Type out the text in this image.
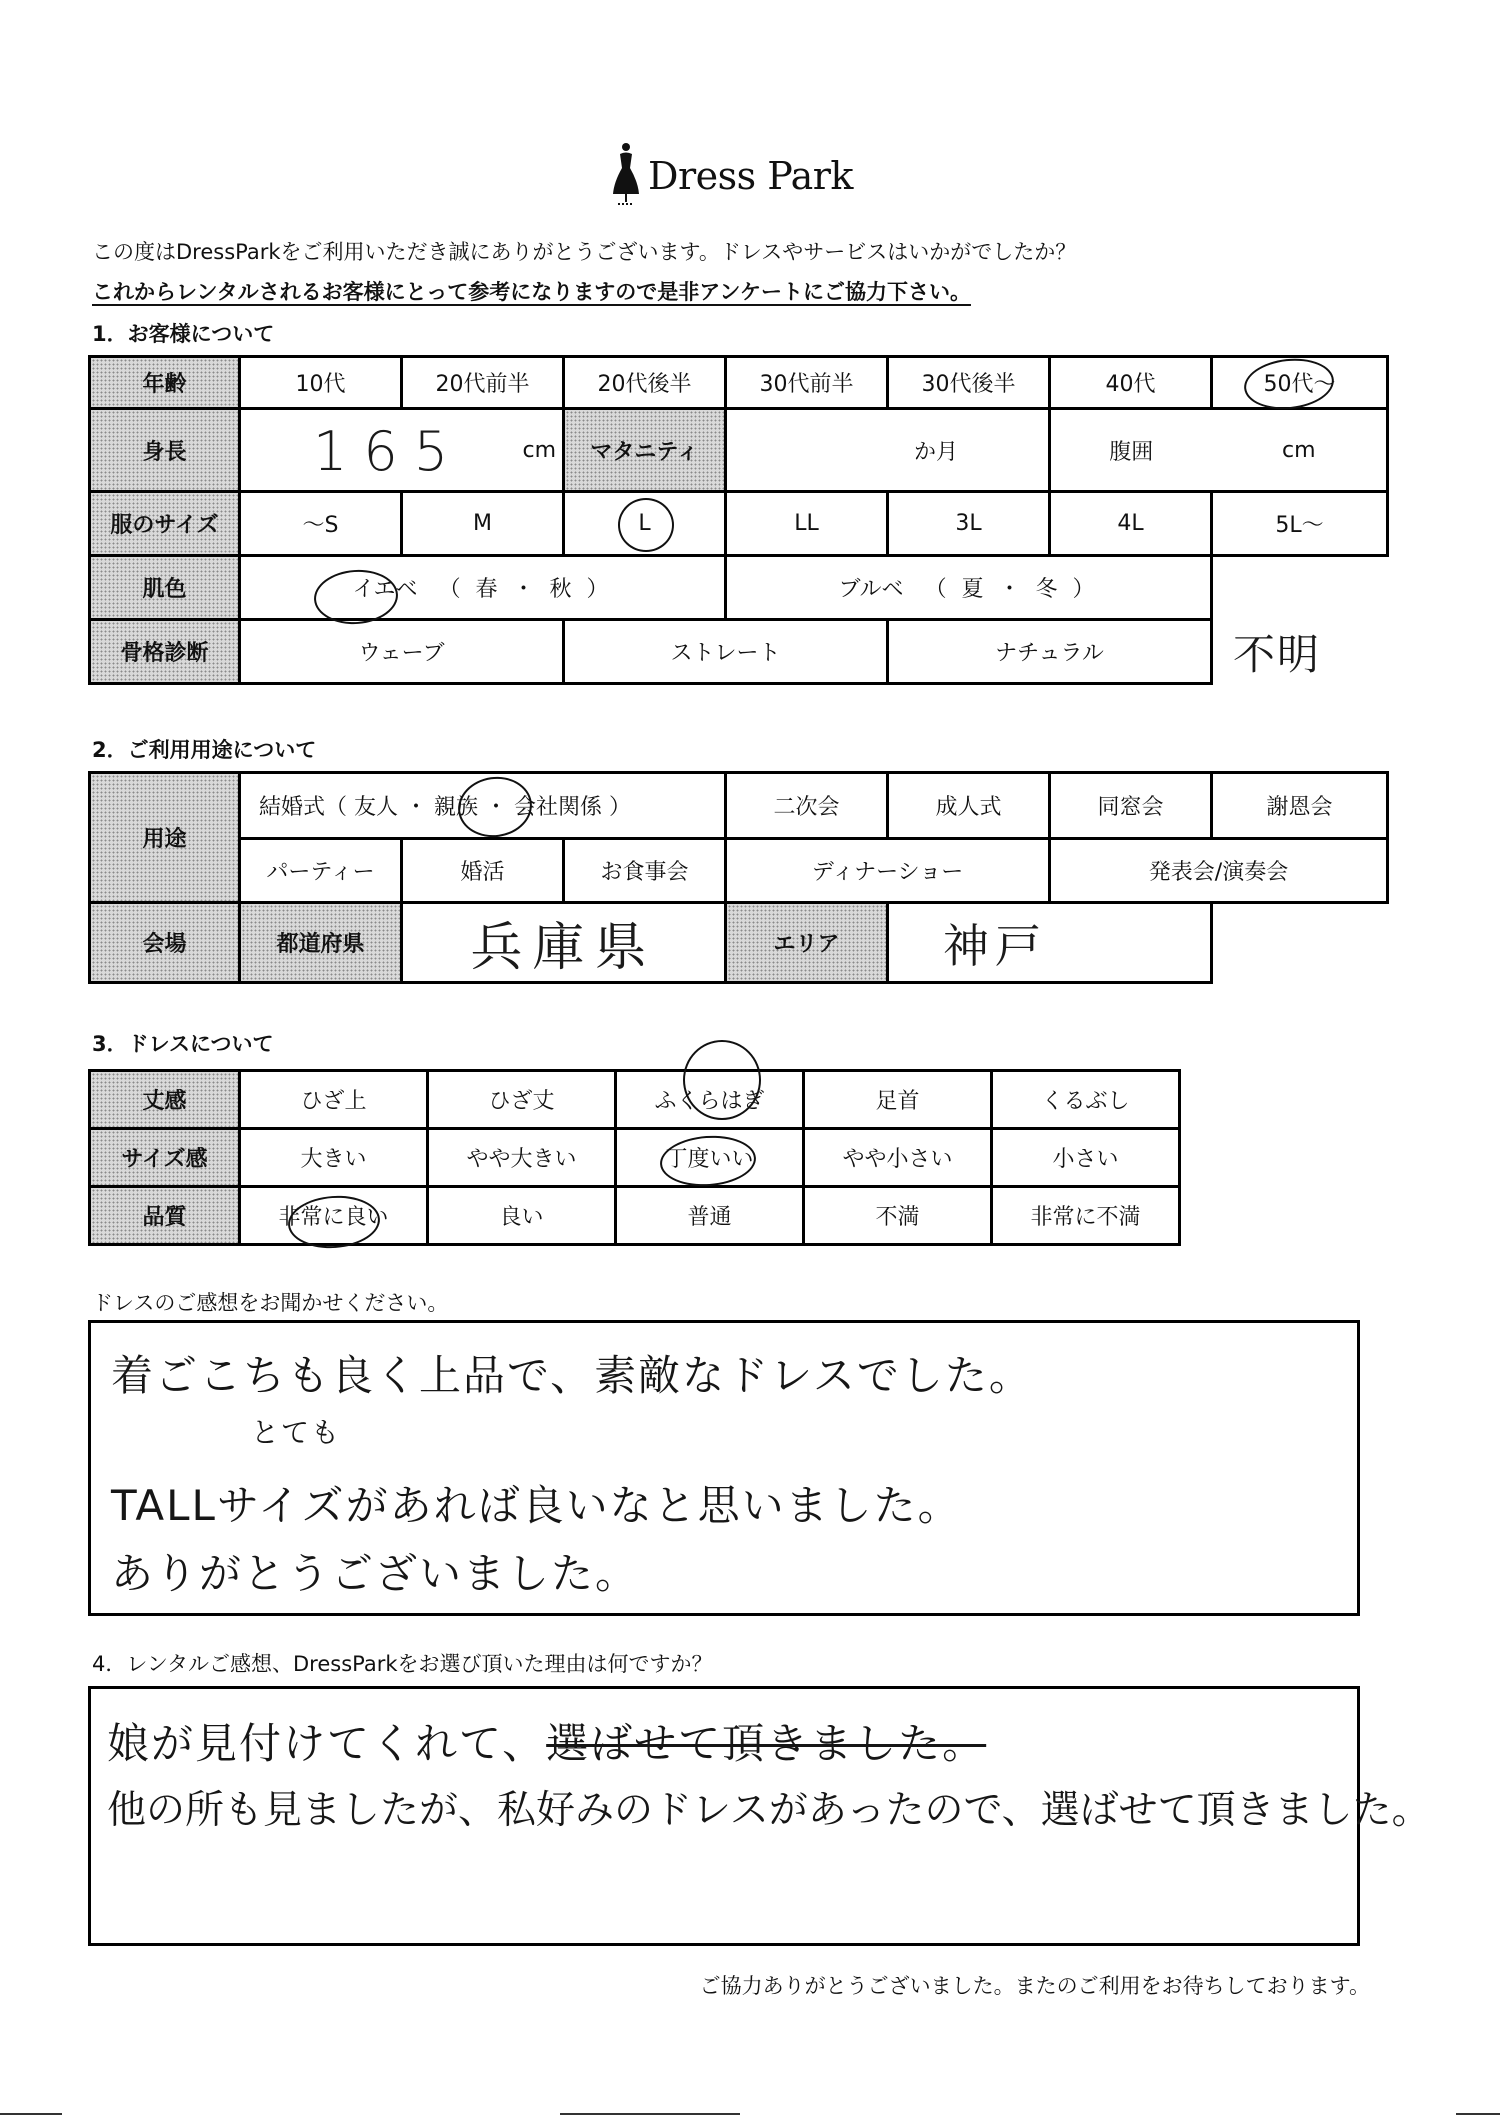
Dress Park
この度はDressParkをご利用いただき誠にありがとうございます。ドレスやサービスはいかがでしたか？
これからレンタルされるお客様にとって参考になりますので是非アンケートにご協力下さい。
1．お客様について
年齢	10代	20代前半	20代後半	30代前半	30代後半	40代	50代～
身長	165 cm		マタニティ	か月		腹囲	cm
服のサイズ	～S	M	L	LL	3L	4L	5L～
肌色	イエベ （ 春 ・ 秋 ）			ブルベ （ 夏 ・ 冬 ）			
骨格診断	ウェーブ		ストレート		ナチュラル		不明
2．ご利用用途について
用途	結婚式（ 友人 ・ 親族 ・ 会社関係 ）			二次会	成人式	同窓会	謝恩会
	パーティー	婚活	お食事会	ディナーショー		発表会/演奏会	
会場	都道府県	兵庫県		エリア	神戸		
3．ドレスについて
丈感	ひざ上	ひざ丈	ふくらはぎ	足首	くるぶし
サイズ感	大きい	やや大きい	丁度いい	やや小さい	小さい
品質	非常に良い	良い	普通	不満	非常に不満
ドレスのご感想をお聞かせください。
着ごこちも良く上品で、素敵なドレスでした。
とても
TALLサイズがあれば良いなと思いました。
ありがとうございました。
4．レンタルご感想、DressParkをお選び頂いた理由は何ですか？
娘が見付けてくれて、選ばせて頂きました。
他の所も見ましたが、私好みのドレスがあったので、選ばせて頂きました。
ご協力ありがとうございました。またのご利用をお待ちしております。
